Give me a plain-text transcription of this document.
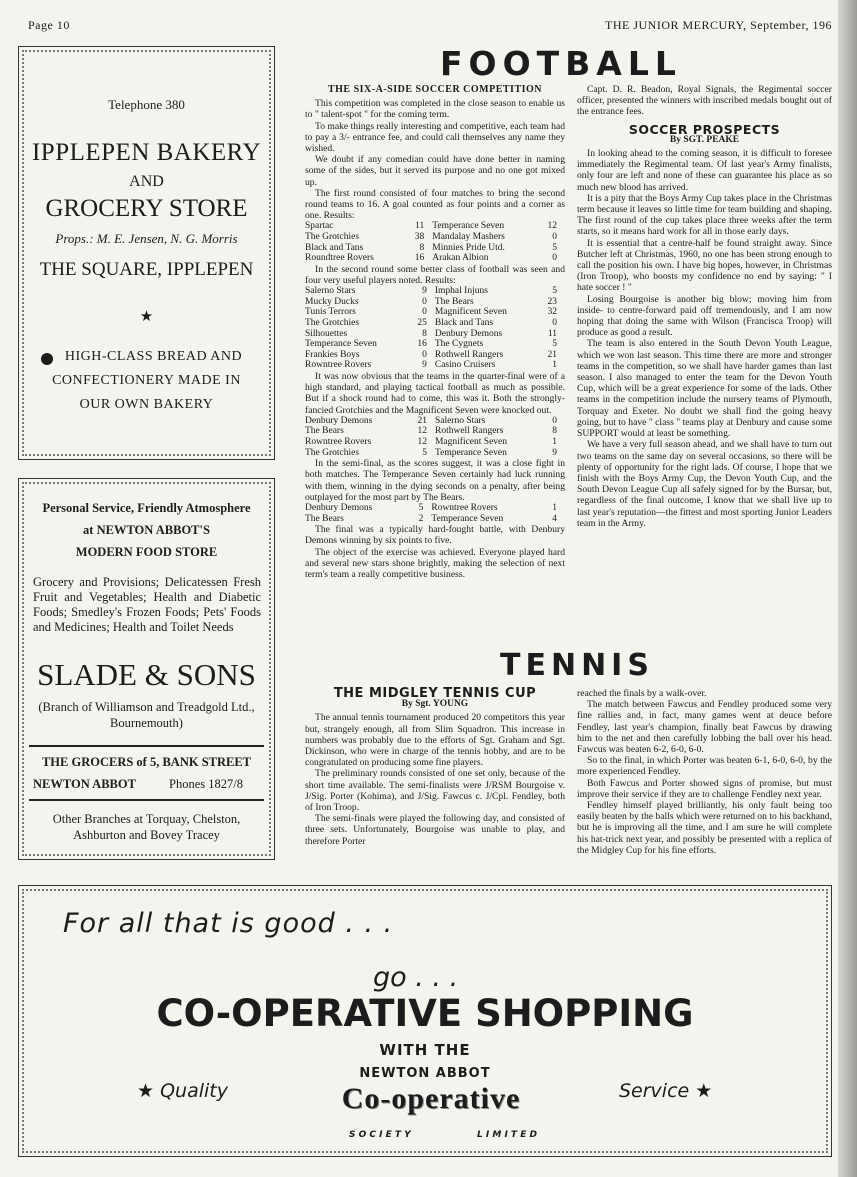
Page 10	THE JUNIOR MERCURY, September, 196
Telephone 380
IPPLEPEN BAKERY
AND
GROCERY STORE
Props.: M. E. Jensen, N. G. Morris
THE SQUARE, IPPLEPEN
★
HIGH-CLASS BREAD AND
CONFECTIONERY MADE IN
OUR OWN BAKERY
Personal Service, Friendly Atmosphere
at NEWTON ABBOT'S
MODERN FOOD STORE
Grocery and Provisions; Delicatessen Fresh Fruit and Vegetables; Health and Diabetic Foods; Smedley's Frozen Foods; Pets' Foods and Medicines; Health and Toilet Needs
SLADE & SONS
(Branch of Williamson and Treadgold Ltd., Bournemouth)
THE GROCERS of 5, BANK STREET
NEWTON ABBOT	Phones 1827/8
Other Branches at Torquay, Chelston, Ashburton and Bovey Tracey
FOOTBALL
THE SIX-A-SIDE SOCCER COMPETITION

This competition was completed in the close season to enable us to " talent-spot " for the coming term.

To make things really interesting and competitive, each team had to pay a 3/- entrance fee, and could call themselves any name they wished.

We doubt if any comedian could have done better in naming some of the sides, but it served its purpose and no one got mixed up.

The first round consisted of four matches to bring the second round teams to 16. A goal counted as four points and a corner as one. Results:

Spartac	11	Temperance Seven	12
The Grotchies	38	Mandalay Mashers	0
Black and Tans	8	Minnies Pride Utd.	5
Roundtree Rovers	16	Arakan Albion	0

In the second round some better class of football was seen and four very useful players noted. Results:

Salerno Stars	9	Imphal Injuns	5
Mucky Ducks	0	The Bears	23
Tunis Terrors	0	Magnificent Seven	32
The Grotchies	25	Black and Tans	0
Silhouettes	8	Denbury Demons	11
Temperance Seven	16	The Cygnets	5
Frankies Boys	0	Rothwell Rangers	21
Rowntree Rovers	9	Casino Cruisers	1

It was now obvious that the teams in the quarter-final were of a high standard, and playing tactical football as much as possible. But if a shock round had to come, this was it. Both the strongly-fancied Grotchies and the Magnificent Seven were knocked out.

Denbury Demons	21	Salerno Stars	0
The Bears	12	Rothwell Rangers	8
Rowntree Rovers	12	Magnificent Seven	1
The Grotchies	5	Temperance Seven	9

In the semi-final, as the scores suggest, it was a close fight in both matches. The Temperance Seven certainly had luck running with them, winning in the dying seconds on a penalty, after being outplayed for the most part by The Bears.

Denbury Demons	5	Rowntree Rovers	1
The Bears	2	Temperance Seven	4

The final was a typically hard-fought battle, with Denbury Demons winning by six points to five.

The object of the exercise was achieved. Everyone played hard and several new stars shone brightly, making the selection of next term's team a really competitive business.

Capt. D. R. Beadon, Royal Signals, the Regimental soccer officer, presented the winners with inscribed medals bought out of the entrance fees.

SOCCER PROSPECTS
By SGT. PEAKE

In looking ahead to the coming season, it is difficult to foresee immediately the Regimental team. Of last year's Army finalists, only four are left and none of these can guarantee his place as so much new blood has arrived.

It is a pity that the Boys Army Cup takes place in the Christmas term because it leaves so little time for team building and shaping. The first round of the cup takes place three weeks after the term starts, so it means hard work for all in those early days.

It is essential that a centre-half be found straight away. Since Butcher left at Christmas, 1960, no one has been strong enough to call the position his own. I have big hopes, however, in Christmas (Iron Troop), who boosts my confidence no end by saying: " I hate soccer ! "

Losing Bourgoise is another big blow; moving him from inside- to centre-forward paid off tremendously, and I am now hoping that doing the same with Wilson (Francisca Troop) will produce as good a result.

The team is also entered in the South Devon Youth League, which we won last season. This time there are more and stronger teams in the competition, so we shall have harder games than last season. I also managed to enter the team for the Devon Youth Cup, which will be a great experience for some of the lads. Other teams in the competition include the nursery teams of Plymouth, Torquay and Exeter. No doubt we shall find the going heavy going, but to have " class " teams play at Denbury and cause some SUPPORT would at least be something.

We have a very full season ahead, and we shall have to turn out two teams on the same day on several occasions, so there will be plenty of opportunity for the right lads. Of course, I hope that we finish with the Boys Army Cup, the Devon Youth Cup, and the South Devon League Cup all safely signed for by the Bursar, but, regardless of the final outcome, I know that we shall live up to last year's reputation—the fittest and most sporting Junior Leaders team in the Army.

TENNIS
THE MIDGLEY TENNIS CUP
By Sgt. YOUNG

The annual tennis tournament produced 20 competitors this year but, strangely enough, all from Slim Squadron. This increase in numbers was probably due to the efforts of Sgt. Graham and Sgt. Dickinson, who were in charge of the tennis hobby, and are to be congratulated on producing some fine players.

The preliminary rounds consisted of one set only, because of the short time available. The semi-finalists were J/RSM Bourgoise v. J/Sig. Porter (Kohima), and J/Sig. Fawcus c. J/Cpl. Fendley, both of Iron Troop.

The semi-finals were played the following day, and consisted of three sets. Unfortunately, Bourgoise was unable to play, and therefore Porter

reached the finals by a walk-over.

The match between Fawcus and Fendley produced some very fine rallies and, in fact, many games went at deuce before Fendley, last year's champion, finally beat Fawcus by drawing him to the net and then carefully lobbing the ball over his head. Fawcus was beaten 6-2, 6-0, 6-0.

So to the final, in which Porter was beaten 6-1, 6-0, 6-0, by the more experienced Fendley.

Both Fawcus and Porter showed signs of promise, but must improve their service if they are to challenge Fendley next year.

Fendley himself played brilliantly, his only fault being too easily beaten by the balls which were returned on to his backhand, but he is improving all the time, and I am sure he will complete his hat-trick next year, and possibly be presented with a replica of the Midgley Cup for his fine efforts.

For all that is good . . .
go . . .
CO-OPERATIVE SHOPPING
WITH THE
NEWTON ABBOT
★ Quality	Service ★
Co-operative
S O C I E T Y	L I M I T E D
